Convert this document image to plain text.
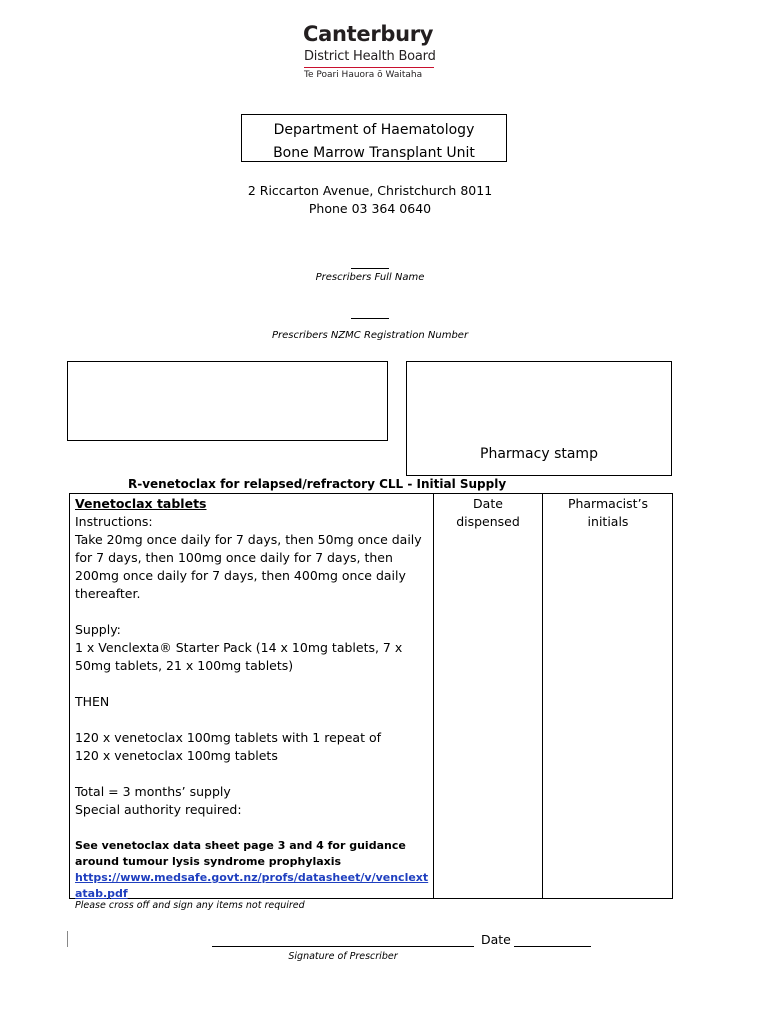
Canterbury
District Health Board
Te Poari Hauora ō Waitaha
Department of Haematology
Bone Marrow Transplant Unit
2 Riccarton Avenue, Christchurch 8011
Phone 03 364 0640
Prescribers Full Name
Prescribers NZMC Registration Number
Pharmacy stamp
R-venetoclax for relapsed/refractory CLL - Initial Supply
Venetoclax tablets
Instructions:
Take 20mg once daily for 7 days, then 50mg once daily
for 7 days, then 100mg once daily for 7 days, then
200mg once daily for 7 days, then 400mg once daily
thereafter.
Supply:
1 x Venclexta® Starter Pack (14 x 10mg tablets, 7 x
50mg tablets, 21 x 100mg tablets)
THEN
120 x venetoclax 100mg tablets with 1 repeat of
120 x venetoclax 100mg tablets
Total = 3 months’ supply
Special authority required:
See venetoclax data sheet page 3 and 4 for guidance
around tumour lysis syndrome prophylaxis
https://www.medsafe.govt.nz/profs/datasheet/v/venclext
atab.pdf
Date
dispensed
Pharmacist’s
initials
Please cross off and sign any items not required
Date
Signature of Prescriber
